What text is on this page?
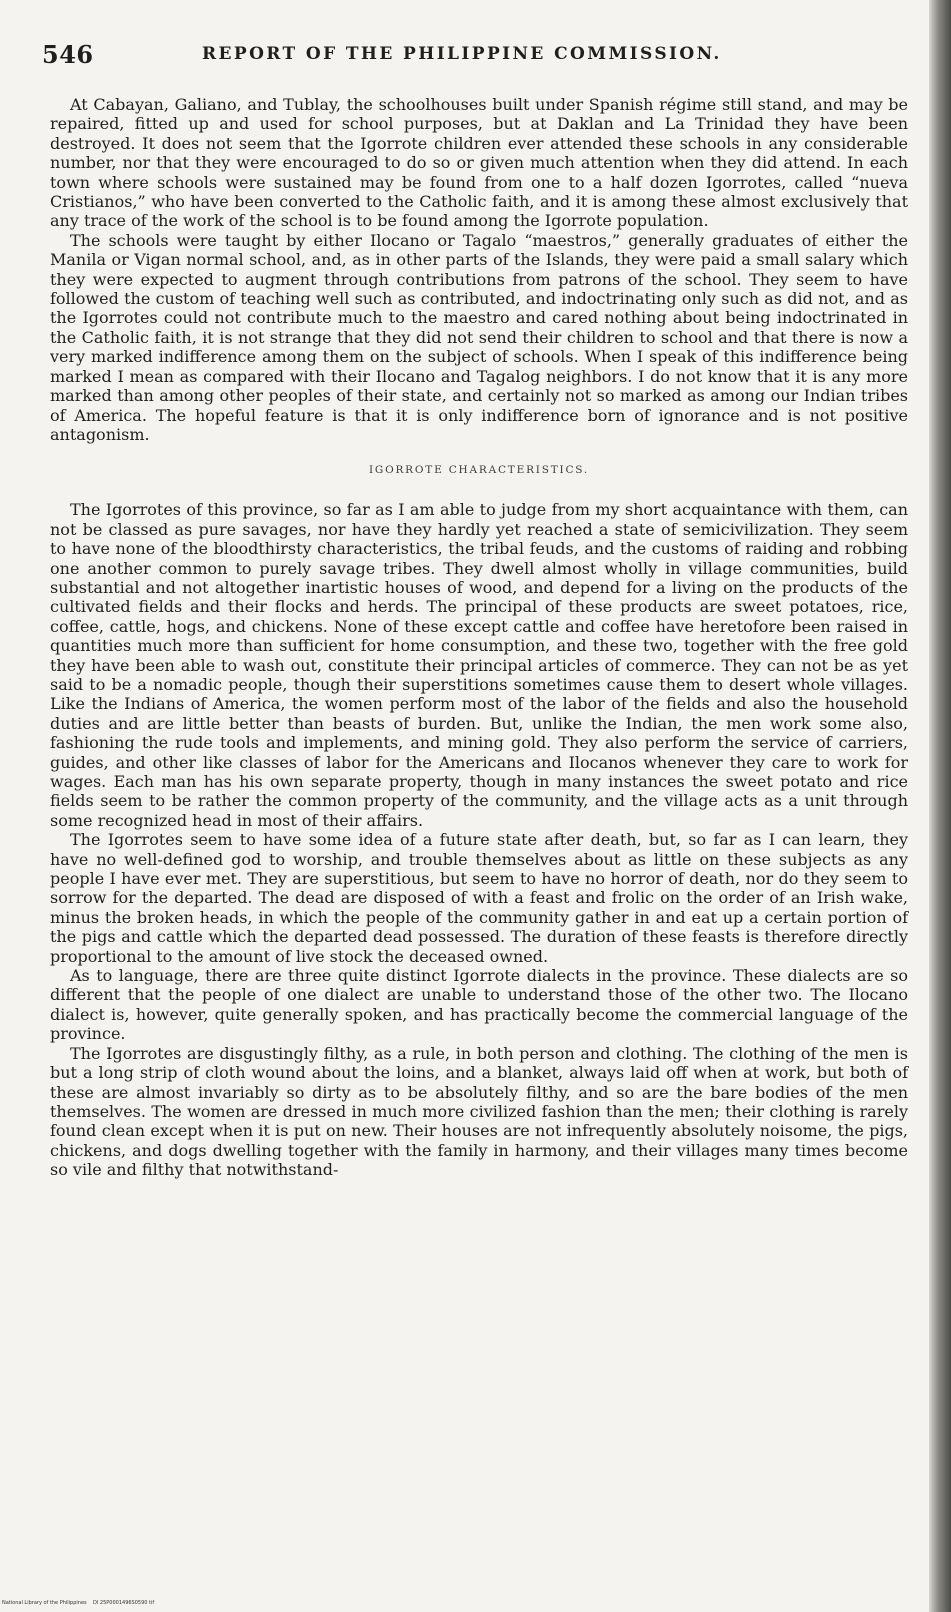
546	REPORT OF THE PHILIPPINE COMMISSION.

At Cabayan, Galiano, and Tublay, the schoolhouses built under Spanish régime still stand, and may be repaired, fitted up and used for school purposes, but at Daklan and La Trinidad they have been destroyed. It does not seem that the Igorrote children ever attended these schools in any considerable number, nor that they were encouraged to do so or given much attention when they did attend. In each town where schools were sustained may be found from one to a half dozen Igorrotes, called “nueva Cristianos,” who have been converted to the Catholic faith, and it is among these almost exclusively that any trace of the work of the school is to be found among the Igorrote population.

The schools were taught by either Ilocano or Tagalo “maestros,” generally graduates of either the Manila or Vigan normal school, and, as in other parts of the Islands, they were paid a small salary which they were expected to augment through contributions from patrons of the school. They seem to have followed the custom of teaching well such as contributed, and indoctrinating only such as did not, and as the Igorrotes could not contribute much to the maestro and cared nothing about being indoctrinated in the Catholic faith, it is not strange that they did not send their children to school and that there is now a very marked indifference among them on the subject of schools. When I speak of this indifference being marked I mean as compared with their Ilocano and Tagalog neighbors. I do not know that it is any more marked than among other peoples of their state, and certainly not so marked as among our Indian tribes of America. The hopeful feature is that it is only indifference born of ignorance and is not positive antagonism.

IGORROTE CHARACTERISTICS.

The Igorrotes of this province, so far as I am able to judge from my short acquaintance with them, can not be classed as pure savages, nor have they hardly yet reached a state of semicivilization. They seem to have none of the bloodthirsty characteristics, the tribal feuds, and the customs of raiding and robbing one another common to purely savage tribes. They dwell almost wholly in village communities, build substantial and not altogether inartistic houses of wood, and depend for a living on the products of the cultivated fields and their flocks and herds. The principal of these products are sweet potatoes, rice, coffee, cattle, hogs, and chickens. None of these except cattle and coffee have heretofore been raised in quantities much more than sufficient for home consumption, and these two, together with the free gold they have been able to wash out, constitute their principal articles of commerce. They can not be as yet said to be a nomadic people, though their superstitions sometimes cause them to desert whole villages. Like the Indians of America, the women perform most of the labor of the fields and also the household duties and are little better than beasts of burden. But, unlike the Indian, the men work some also, fashioning the rude tools and implements, and mining gold. They also perform the service of carriers, guides, and other like classes of labor for the Americans and Ilocanos whenever they care to work for wages. Each man has his own separate property, though in many instances the sweet potato and rice fields seem to be rather the common property of the community, and the village acts as a unit through some recognized head in most of their affairs.

The Igorrotes seem to have some idea of a future state after death, but, so far as I can learn, they have no well-defined god to worship, and trouble themselves about as little on these subjects as any people I have ever met. They are superstitious, but seem to have no horror of death, nor do they seem to sorrow for the departed. The dead are disposed of with a feast and frolic on the order of an Irish wake, minus the broken heads, in which the people of the community gather in and eat up a certain portion of the pigs and cattle which the departed dead possessed. The duration of these feasts is therefore directly proportional to the amount of live stock the deceased owned.

As to language, there are three quite distinct Igorrote dialects in the province. These dialects are so different that the people of one dialect are unable to understand those of the other two. The Ilocano dialect is, however, quite generally spoken, and has practically become the commercial language of the province.

The Igorrotes are disgustingly filthy, as a rule, in both person and clothing. The clothing of the men is but a long strip of cloth wound about the loins, and a blanket, always laid off when at work, but both of these are almost invariably so dirty as to be absolutely filthy, and so are the bare bodies of the men themselves. The women are dressed in much more civilized fashion than the men; their clothing is rarely found clean except when it is put on new. Their houses are not infrequently absolutely noisome, the pigs, chickens, and dogs dwelling together with the family in harmony, and their villages many times become so vile and filthy that notwithstand-

National Library of the Philippines DI 25P0001496S0590 tif
